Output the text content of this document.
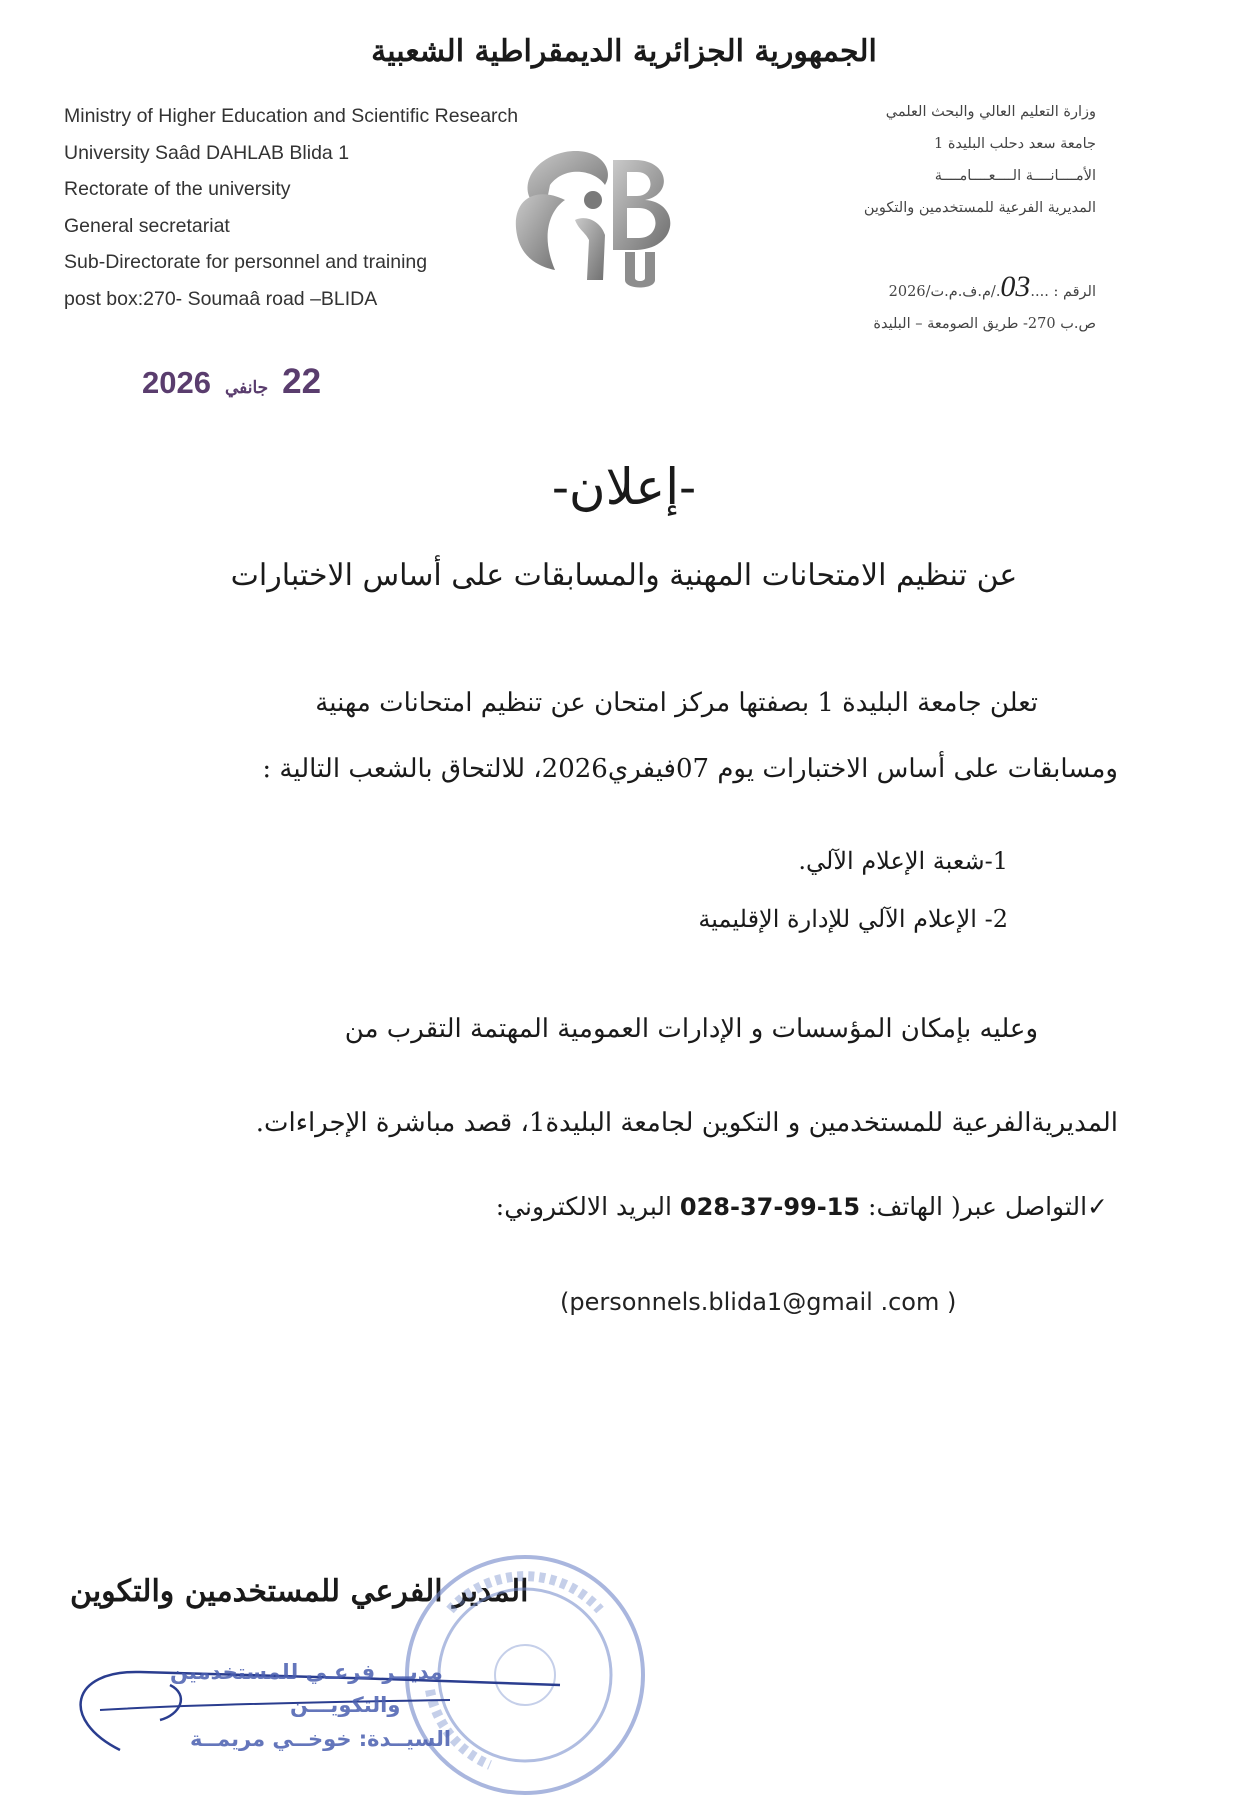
الجمهورية الجزائرية الديمقراطية الشعبية
Ministry of Higher Education and Scientific Research
University Saâd DAHLAB Blida 1
Rectorate of the university
General secretariat
Sub-Directorate for personnel and training
post box:270- Soumaâ road –BLIDA
وزارة التعليم العالي والبحث العلمي
جامعة سعد دحلب البليدة 1
الأمــــانــــة الــــعــــامــــة
المديرية الفرعية للمستخدمين والتكوين
الرقم : ....03./م.ف.م.ت/2026
ص.ب 270- طريق الصومعة – البليدة
2026 جانفي 22
-إعلان-
عن تنظيم الامتحانات المهنية والمسابقات على أساس الاختبارات
تعلن جامعة البليدة 1 بصفتها مركز امتحان عن تنظيم امتحانات مهنية
ومسابقات على أساس الاختبارات يوم 07فيفري2026، للالتحاق بالشعب التالية :
1-شعبة الإعلام الآلي.
2- الإعلام الآلي للإدارة الإقليمية
وعليه بإمكان المؤسسات و الإدارات العمومية المهتمة التقرب من
المديريةالفرعية للمستخدمين و التكوين لجامعة البليدة1، قصد مباشرة الإجراءات.
✓التواصل عبر( الهاتف: 028-37-99-15 البريد الالكتروني:
(personnels.blida1@gmail .com )
المدير الفرعي للمستخدمين والتكوين
مديــر فرعـي للمستخدمين
والتكويـــن
السيــدة: خوخــي مريمــة
